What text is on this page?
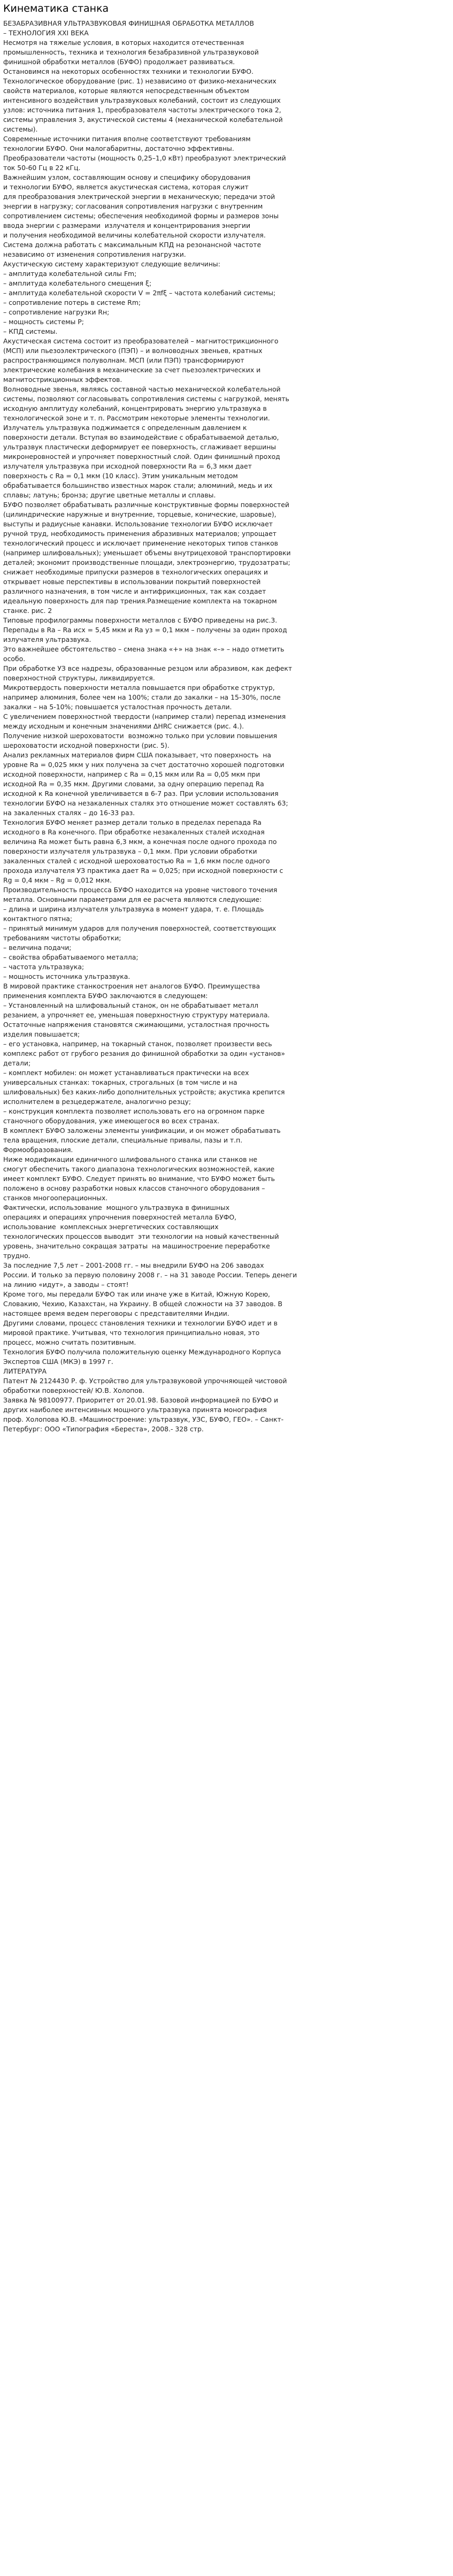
Кинематика станка

БЕЗАБРАЗИВНАЯ УЛЬТРАЗВУКОВАЯ ФИНИШНАЯ ОБРАБОТКА МЕТАЛЛОВ
– ТЕХНОЛОГИЯ XXI ВЕКА

Несмотря на тяжелые условия, в которых находится отечественная
промышленность, техника и технология безабразивной ультразвуковой
финишной обработки металлов (БУФО) продолжает развиваться.

Остановимся на некоторых особенностях техники и технологии БУФО.
Технологическое оборудование (рис. 1) независимо от физико-механических
свойств материалов, которые являются непосредственным объектом
интенсивного воздействия ультразвуковых колебаний, состоит из следующих
узлов: источника питания 1, преобразователя частоты электрического тока 2,
системы управления 3, акустической системы 4 (механической колебательной
системы).
Современные источники питания вполне соответствуют требованиям
технологии БУФО. Они малогабаритны, достаточно эффективны.
Преобразователи частоты (мощность 0,25–1,0 кВт) преобразуют электрический
ток 50-60 Гц в 22 кГц.

Важнейшим узлом, составляющим основу и специфику оборудования
и технологии БУФО, является акустическая система, которая служит
для преобразования электрической энергии в механическую; передачи этой
энергии в нагрузку; согласования сопротивления нагрузки с внутренним
сопротивлением системы; обеспечения необходимой формы и размеров зоны
ввода энергии с размерами  излучателя и концентрирования энергии
и получения необходимой величины колебательной скорости излучателя.
Система должна работать с максимальным КПД на резонансной частоте
независимо от изменения сопротивления нагрузки.

Акустическую систему характеризуют следующие величины:
– амплитуда колебательной силы Fm;
– амплитуда колебательного смещения ξ;
– амплитуда колебательной скорости V = 2πfξ – частота колебаний системы;
– сопротивление потерь в системе Rm;
– сопротивление нагрузки Rн;
– мощность системы P;
– КПД системы.

Акустическая система состоит из преобразователей – магнитострикционного
(МСП) или пьезоэлектрического (ПЭП) – и волноводных звеньев, кратных
распространяющимся полуволнам. МСП (или ПЭП) трансформируют
электрические колебания в механические за счет пьезоэлектрических и
магнитострикционных эффектов.

Волноводные звенья, являясь составной частью механической колебательной
системы, позволяют согласовывать сопротивления системы с нагрузкой, менять
исходную амплитуду колебаний, концентрировать энергию ультразвука в
технологической зоне и т. п. Рассмотрим некоторые элементы технологии.
Излучатель ультразвука поджимается с определенным давлением к
поверхности детали. Вступая во взаимодействие с обрабатываемой деталью,
ультразвук пластически деформирует ее поверхность, сглаживает вершины
микронеровностей и упрочняет поверхностный слой. Один финишный проход
излучателя ультразвука при исходной поверхности Ra = 6,3 мкм дает
поверхность с Ra = 0,1 мкм (10 класс). Этим уникальным методом
обрабатывается большинство известных марок стали; алюминий, медь и их
сплавы; латунь; бронза; другие цветные металлы и сплавы.

БУФО позволяет обрабатывать различные конструктивные формы поверхностей
(цилиндрические наружные и внутренние, торцевые, конические, шаровые),
выступы и радиусные канавки. Использование технологии БУФО исключает
ручной труд, необходимость применения абразивных материалов; упрощает
технологический процесс и исключает применение некоторых типов станков
(например шлифовальных); уменьшает объемы внутрицеховой транспортировки
деталей; экономит производственные площади, электроэнергию, трудозатраты;
снижает необходимые припуски размеров в технологических операциях и
открывает новые перспективы в использовании покрытий поверхностей
различного назначения, в том числе и антифрикционных, так как создает
идеальную поверхность для пар трения.Размещение комплекта на токарном
станке. рис. 2

Типовые профилограммы поверхности металлов с БУФО приведены на рис.3.
Перепады в Ra – Ra исх = 5,45 мкм и Ra уз = 0,1 мкм – получены за один проход
излучателя ультразвука.

Это важнейшее обстоятельство – смена знака «+» на знак «–» – надо отметить
особо.
При обработке УЗ все надрезы, образованные резцом или абразивом, как дефект
поверхностной структуры, ликвидируется.

Микротвердость поверхности металла повышается при обработке структур,
например алюминия, более чем на 100%; стали до закалки – на 15-30%, после
закалки – на 5-10%; повышается усталостная прочность детали.

С увеличением поверхностной твердости (например стали) перепад изменения
между исходным и конечным значениями ΔHRC снижается (рис. 4.).

Получение низкой шероховатости  возможно только при условии повышения
шероховатости исходной поверхности (рис. 5).

Анализ рекламных материалов фирм США показывает, что поверхность  на
уровне Ra = 0,025 мкм у них получена за счет достаточно хорошей подготовки
исходной поверхности, например с Ra = 0,15 мкм или Ra = 0,05 мкм при
исходной Ra = 0,35 мкм. Другими словами, за одну операцию перепад Ra
исходной к Ra конечной увеличивается в 6-7 раз. При условии использования
технологии БУФО на незакаленных сталях это отношение может составлять 63;
на закаленных сталях – до 16-33 раз.

Технология БУФО меняет размер детали только в пределах перепада Ra
исходного в Ra конечного. При обработке незакаленных сталей исходная
величина Ra может быть равна 6,3 мкм, а конечная после одного прохода по
поверхности излучателя ультразвука – 0,1 мкм. При условии обработки
закаленных сталей с исходной шероховатостью Ra = 1,6 мкм после одного
прохода излучателя УЗ практика дает Ra = 0,025; при исходной поверхности с
Rg = 0,4 мкм – Rg = 0,012 мкм.

Производительность процесса БУФО находится на уровне чистового точения
металла. Основными параметрами для ее расчета являются следующие:
– длина и ширина излучателя ультразвука в момент удара, т. е. Площадь
контактного пятна;
– принятый минимум ударов для получения поверхностей, соответствующих
требованиям чистоты обработки;
– величина подачи;
– свойства обрабатываемого металла;
– частота ультразвука;
– мощность источника ультразвука.

В мировой практике станкостроения нет аналогов БУФО. Преимущества
применения комплекта БУФО заключаются в следующем:
– Установленный на шлифовальный станок, он не обрабатывает металл
резанием, а упрочняет ее, уменьшая поверхностную структуру материала.
Остаточные напряжения становятся сжимающими, усталостная прочность
изделия повышается;
– его установка, например, на токарный станок, позволяет произвести весь
комплекс работ от грубого резания до финишной обработки за один «установ»
детали;
– комплект мобилен: он может устанавливаться практически на всех
универсальных станках: токарных, строгальных (в том числе и на
шлифовальных) без каких-либо дополнительных устройств; акустика крепится
исполнителем в резцедержателе, аналогично резцу;
– конструкция комплекта позволяет использовать его на огромном парке
станочного оборудования, уже имеющегося во всех странах.

В комплект БУФО заложены элементы унификации, и он может обрабатывать
тела вращения, плоские детали, специальные привалы, пазы и т.п.
Формообразования.
Ниже модификации единичного шлифовального станка или станков не
смогут обеспечить такого диапазона технологических возможностей, какие
имеет комплект БУФО. Следует принять во внимание, что БУФО может быть
положено в основу разработки новых классов станочного оборудования –
станков многооперационных.

Фактически, использование  мощного ультразвука в финишных
операциях и операциях упрочнения поверхностей металла БУФО,
использование  комплексных энергетических составляющих
технологических процессов выводит  эти технологии на новый качественный
уровень, значительно сокращая затраты  на машиностроение переработке
трудно.
За последние 7,5 лет – 2001-2008 гг. – мы внедрили БУФО на 206 заводах
России. И только за первую половину 2008 г. – на 31 заводе России. Теперь денеги
на линию «идут», а заводы – стоят!
Кроме того, мы передали БУФО так или иначе уже в Китай, Южную Корею,
Словакию, Чехию, Казахстан, на Украину. В общей сложности на 37 заводов. В
настоящее время ведем переговоры с представителями Индии.

Другими словами, процесс становления техники и технологии БУФО идет и в
мировой практике. Учитывая, что технология принципиально новая, это
процесс, можно считать позитивным.
Технология БУФО получила положительную оценку Международного Корпуса
Экспертов США (МКЭ) в 1997 г.

ЛИТЕРАТУРА
Патент № 2124430 Р. ф. Устройство для ультразвуковой упрочняющей чистовой
обработки поверхностей/ Ю.В. Холопов.
Заявка № 98100977. Приоритет от 20.01.98. Базовой информацией по БУФО и
других наиболее интенсивных мощного ультразвука принята монография
проф. Холопова Ю.В. «Машиностроение: ультразвук, УЗС, БУФО, ГЕО». – Санкт-
Петербург: ООО «Типография «Береста», 2008.- 328 стр.
